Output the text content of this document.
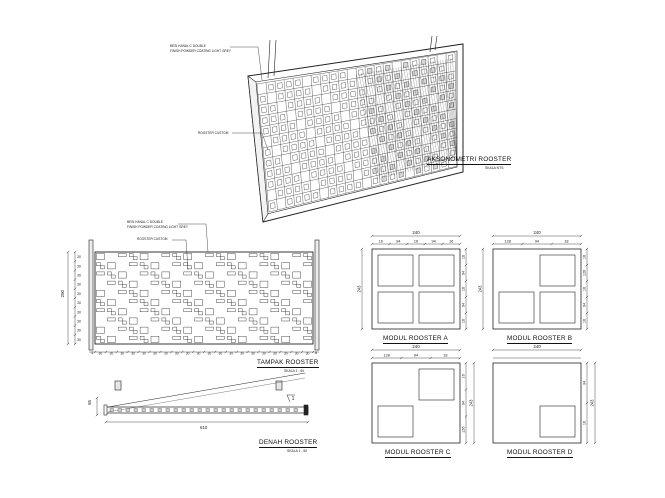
30
30
30
30
30
30
30
30
30
30
4 30 30 30 30 30 30 30 30 30 30 30 30 30 30 30 30 30 30 30 30 8
1
240
16	94	16	94	16
16
94
16
94
16
243
240
128	94	18
16
126
16
94
16
243
240
128	94	18
16
94
126
243
240
34
16
243
BESI HANAL C DOUBLE
FINISH POWDER COATING LIGHT GREY
ROOSTER CUSTOM
AKSONOMETRI ROOSTER
SKALA NTS
BESI HANAL C DOUBLE
FINISH POWDER COATING LIGHT GREY
ROOSTER CUSTOM
250
TAMPAK ROOSTER
SKALA 1 : 60
55
610
DENAH ROOSTER
SKALA 1 : 60
MODUL ROOSTER A	MODUL ROOSTER B
MODUL ROOSTER C	MODUL ROOSTER D
